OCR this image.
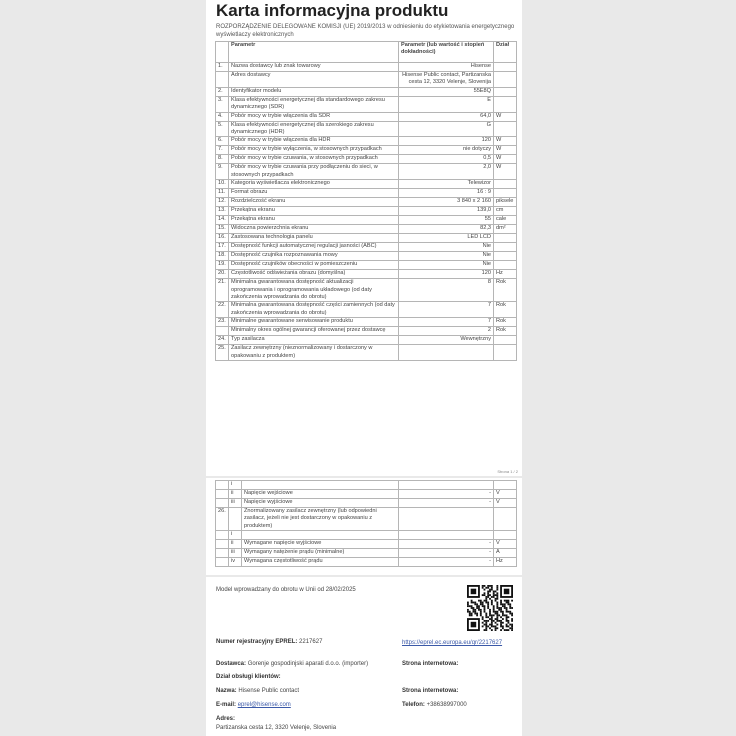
Karta informacyjna produktu
ROZPORZĄDZENIE DELEGOWANE KOMISJI (UE) 2019/2013 w odniesieniu do etykietowania energetycznego wyświetlaczy elektronicznych
	Parametr	Parametr (lub wartość i stopień dokładności)	Dział
1.	Nazwa dostawcy lub znak towarowy	Hisense	
	Adres dostawcy	Hisense Public contact, Partizanska cesta 12, 3320 Velenje, Slovenija	
2.	Identyfikator modelu	55E8Q	
3.	Klasa efektywności energetycznej dla standardowego zakresu dynamicznego (SDR)	E	
4.	Pobór mocy w trybie włączenia dla SDR	64,0	W
5.	Klasa efektywności energetycznej dla szerokiego zakresu dynamicznego (HDR)	G	
6.	Pobór mocy w trybie włączenia dla HDR	120	W
7.	Pobór mocy w trybie wyłączenia, w stosownych przypadkach	nie dotyczy	W
8.	Pobór mocy w trybie czuwania, w stosownych przypadkach	0,5	W
9.	Pobór mocy w trybie czuwania przy podłączeniu do sieci, w stosownych przypadkach	2,0	W
10.	Kategoria wyświetlacza elektronicznego	Telewizor	
11.	Format obrazu	16 : 9	
12.	Rozdzielczość ekranu	3 840 x 2 160	piksele
13.	Przekątna ekranu	139,0	cm
14.	Przekątna ekranu	55	cale
15.	Widoczna powierzchnia ekranu	82,3	dm²
16.	Zastosowana technologia panelu	LED LCD	
17.	Dostępność funkcji automatycznej regulacji jasności (ABC)	Nie	
18.	Dostępność czujnika rozpoznawania mowy	Nie	
19.	Dostępność czujników obecności w pomieszczeniu	Nie	
20.	Częstotliwość odświeżania obrazu (domyślna)	120	Hz
21.	Minimalna gwarantowana dostępność aktualizacji oprogramowania i oprogramowania układowego (od daty zakończenia wprowadzania do obrotu)	8	Rok
22.	Minimalna gwarantowana dostępność części zamiennych (od daty zakończenia wprowadzania do obrotu)	7	Rok
23.	Minimalne gwarantowane serwisowanie produktu	7	Rok
	Minimalny okres ogólnej gwarancji oferowanej przez dostawcę	2	Rok
24.	Typ zasilacza	Wewnętrzny	
25.	Zasilacz zewnętrzny (nieznormalizowany i dostarczony w opakowaniu z produktem)		
Strona 1 / 2
	i			
	ii	Napięcie wejściowe	-	V
	iii	Napięcie wyjściowe	-	V
26.		Znormalizowany zasilacz zewnętrzny (lub odpowiedni zasilacz, jeżeli nie jest dostarczony w opakowaniu z produktem)		
	i			
	ii	Wymagane napięcie wyjściowe	-	V
	iii	Wymagany natężenie prądu (minimalne)	-	A
	iv	Wymagana częstotliwość prądu	-	Hz
Model wprowadzany do obrotu w Unii od 28/02/2025
Numer rejestracyjny EPREL: 2217627	https://eprel.ec.europa.eu/qr/2217627
Dostawca: Gorenje gospodinjski aparati d.o.o. (importer)	Strona internetowa:
Dział obsługi klientów:
Nazwa: Hisense Public contact	Strona internetowa:
E-mail: eprel@hisense.com	Telefon: +38638997000
Adres:
Partizanska cesta 12, 3320 Velenje, Slovenia
